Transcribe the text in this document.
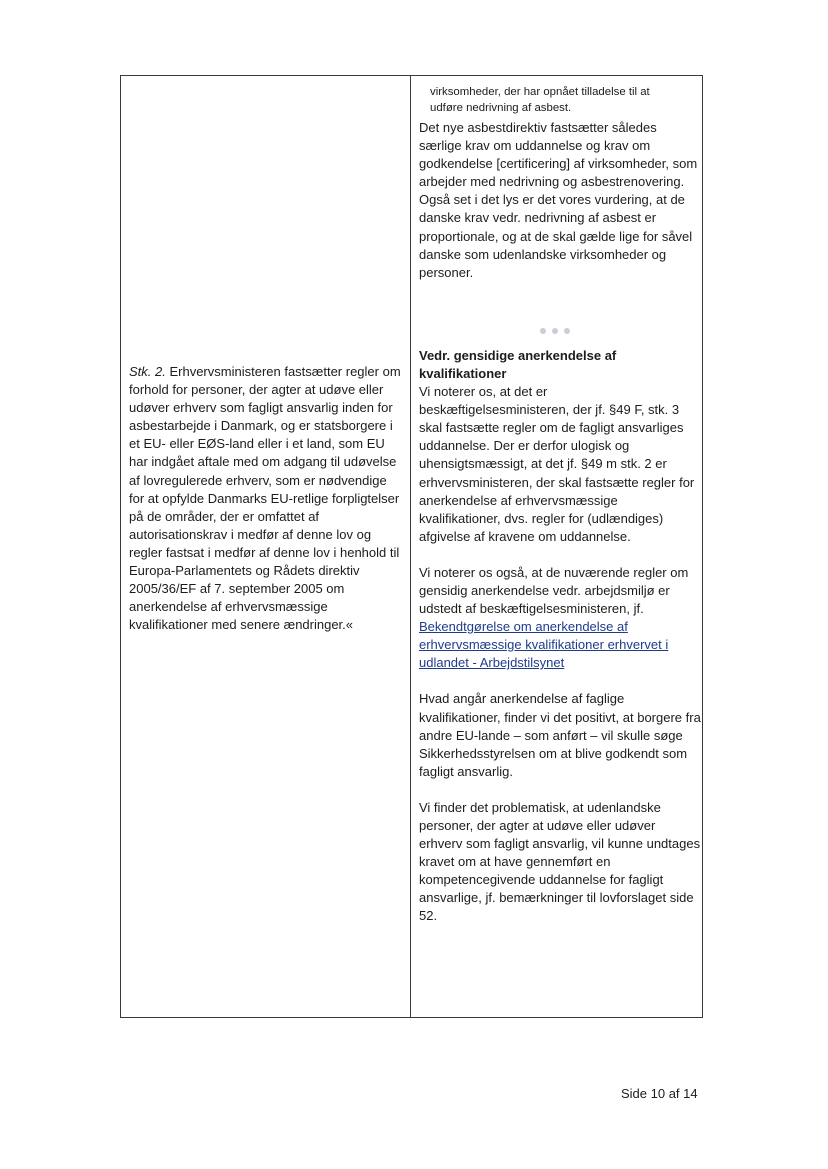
Stk. 2. Erhvervsministeren fastsætter regler om forhold for personer, der agter at udøve eller udøver erhverv som fagligt ansvarlig inden for asbestarbejde i Danmark, og er statsborgere i et EU- eller EØS-land eller i et land, som EU har indgået aftale med om adgang til udøvelse af lovregulerede erhverv, som er nødvendige for at opfylde Danmarks EU-retlige forpligtelser på de områder, der er omfattet af autorisationskrav i medfør af denne lov og regler fastsat i medfør af denne lov i henhold til Europa-Parlamentets og Rådets direktiv 2005/36/EF af 7. september 2005 om anerkendelse af erhvervsmæssige kvalifikationer med senere ændringer.«
virksomheder, der har opnået tilladelse til at
udføre nedrivning af asbest.

Det nye asbestdirektiv fastsætter således særlige krav om uddannelse og krav om godkendelse [certificering] af virksomheder, som arbejder med nedrivning og asbestrenovering.

Også set i det lys er det vores vurdering, at de danske krav vedr. nedrivning af asbest er proportionale, og at de skal gælde lige for såvel danske som udenlandske virksomheder og personer.

Vedr. gensidige anerkendelse af kvalifikationer

Vi noterer os, at det er beskæftigelsesministeren, der jf. §49 F, stk. 3 skal fastsætte regler om de fagligt ansvarliges uddannelse. Der er derfor ulogisk og uhensigtsmæssigt, at det jf. §49 m stk. 2 er erhvervsministeren, der skal fastsætte regler for anerkendelse af erhvervsmæssige kvalifikationer, dvs. regler for (udlændiges) afgivelse af kravene om uddannelse.

Vi noterer os også, at de nuværende regler om gensidig anerkendelse vedr. arbejdsmiljø er udstedt af beskæftigelsesministeren, jf.
Bekendtgørelse om anerkendelse af erhvervsmæssige kvalifikationer erhvervet i udlandet - Arbejdstilsynet

Hvad angår anerkendelse af faglige kvalifikationer, finder vi det positivt, at borgere fra andre EU-lande – som anført – vil skulle søge Sikkerhedsstyrelsen om at blive godkendt som fagligt ansvarlig.

Vi finder det problematisk, at udenlandske personer, der agter at udøve eller udøver erhverv som fagligt ansvarlig, vil kunne undtages kravet om at have gennemført en kompetencegivende uddannelse for fagligt ansvarlige, jf. bemærkninger til lovforslaget side 52.

Side 10 af 14
